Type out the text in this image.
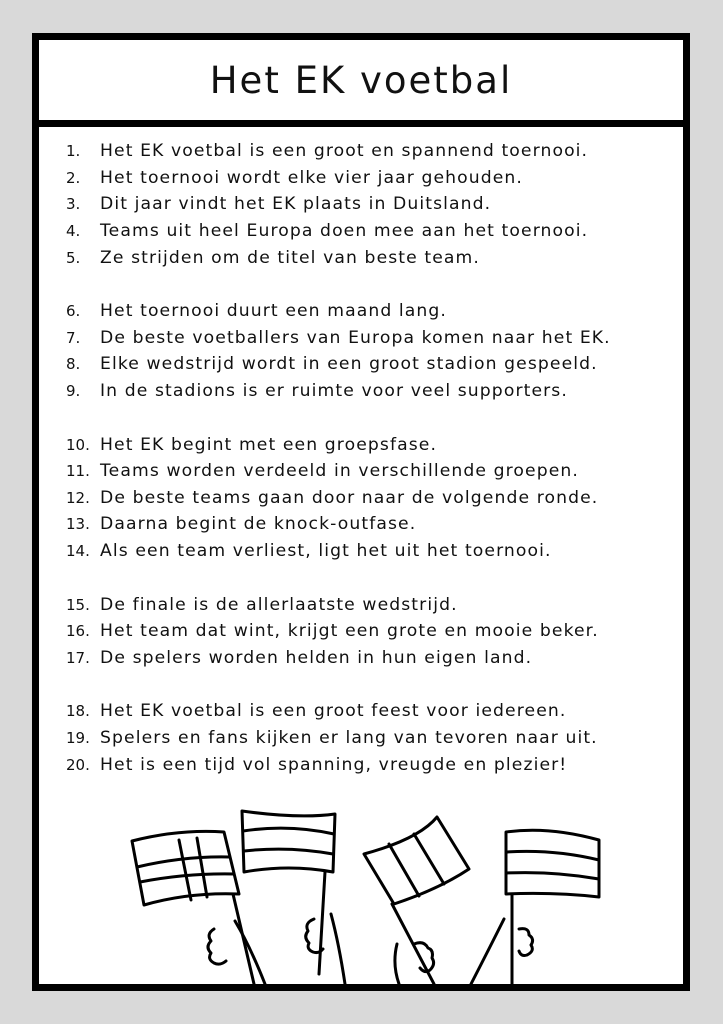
Het EK voetbal
1.	Het EK voetbal is een groot en spannend toernooi.
2.	Het toernooi wordt elke vier jaar gehouden.
3.	Dit jaar vindt het EK plaats in Duitsland.
4.	Teams uit heel Europa doen mee aan het toernooi.
5.	Ze strijden om de titel van beste team.
6.	Het toernooi duurt een maand lang.
7.	De beste voetballers van Europa komen naar het EK.
8.	Elke wedstrijd wordt in een groot stadion gespeeld.
9.	In de stadions is er ruimte voor veel supporters.
10. Het EK begint met een groepsfase.
11. Teams worden verdeeld in verschillende groepen.
12. De beste teams gaan door naar de volgende ronde.
13. Daarna begint de knock-outfase.
14. Als een team verliest, ligt het uit het toernooi.
15. De finale is de allerlaatste wedstrijd.
16. Het team dat wint, krijgt een grote en mooie beker.
17. De spelers worden helden in hun eigen land.
18. Het EK voetbal is een groot feest voor iedereen.
19. Spelers en fans kijken er lang van tevoren naar uit.
20. Het is een tijd vol spanning, vreugde en plezier!
